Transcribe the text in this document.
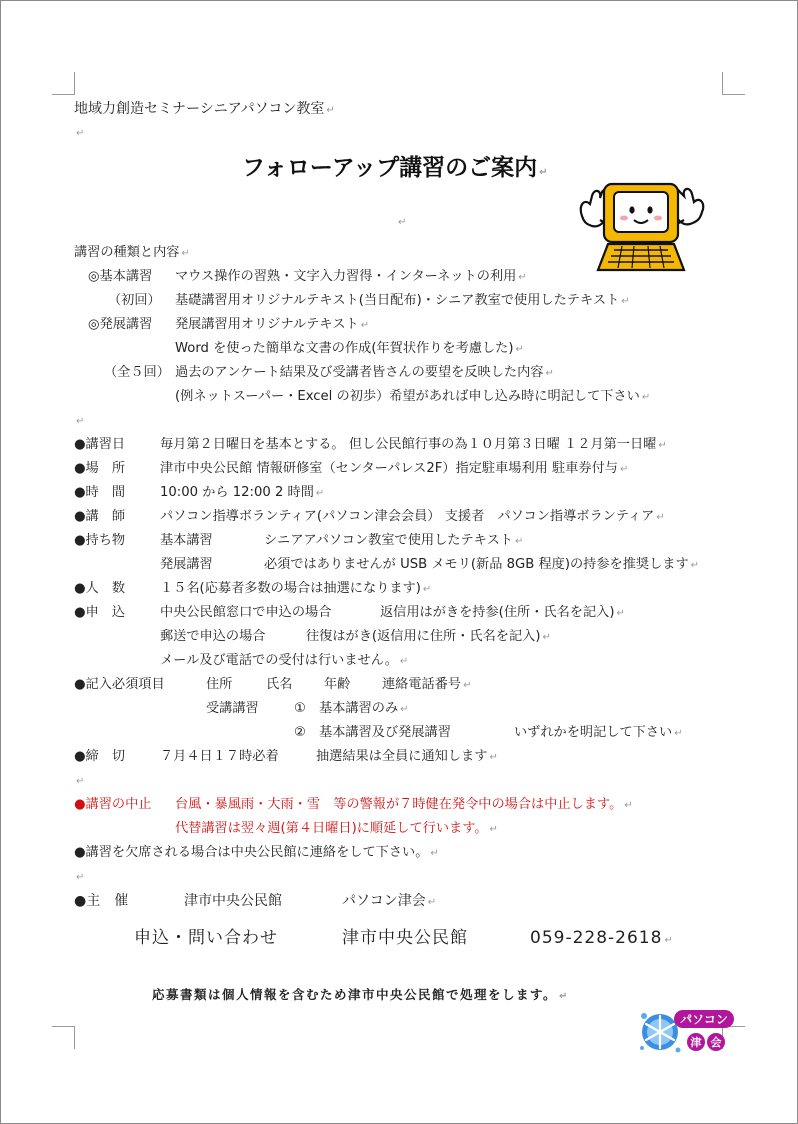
地域力創造セミナーシニアパソコン教室 ↵
↵
フォローアップ講習のご案内 ↵
↵
講習の種類と内容 ↵
◎基本講習 マウス操作の習熟・文字入力習得・インターネットの利用 ↵
（初回） 基礎講習用オリジナルテキスト(当日配布)・シニア教室で使用したテキスト ↵
◎発展講習 発展講習用オリジナルテキスト ↵
Word を使った簡単な文書の作成(年賀状作りを考慮した) ↵
（全５回） 過去のアンケート結果及び受講者皆さんの要望を反映した内容 ↵
(例ネットスーパー・Excel の初歩）希望があれば申し込み時に明記して下さい ↵
↵
●講習日	毎月第２日曜日を基本とする。 但し公民館行事の為１０月第３日曜 １２月第一日曜 ↵
●場　所	津市中央公民館 情報研修室（センターパレス2F）指定駐車場利用 駐車券付与 ↵
●時　間	10:00 から 12:00 2 時間 ↵
●講　師	パソコン指導ボランティア(パソコン津会会員） 支援者　パソコン指導ボランティア ↵
●持ち物	基本講習	シニアアパソコン教室で使用したテキスト ↵
発展講習	必須ではありませんが USB メモリ(新品 8GB 程度)の持参を推奨します ↵
●人　数	１５名(応募者多数の場合は抽選になります) ↵
●申　込	中央公民館窓口で申込の場合	返信用はがきを持参(住所・氏名を記入) ↵
郵送で申込の場合	往復はがき(返信用に住所・氏名を記入) ↵
メール及び電話での受付は行いません。 ↵
●記入必須項目	住所	氏名 年齢 連絡電話番号 ↵
受講講習	①　基本講習のみ ↵
②　基本講習及び発展講習	いずれかを明記して下さい ↵
●締　切	７月４日１７時必着	抽選結果は全員に通知します ↵
↵
●講習の中止 台風・暴風雨・大雨・雪　等の警報が７時健在発令中の場合は中止します。 ↵
代替講習は翌々週(第４日曜日)に順延して行います。 ↵
●講習を欠席される場合は中央公民館に連絡をして下さい。 ↵
↵
●主　催	津市中央公民館	パソコン津会 ↵
申込・問い合わせ	津市中央公民館	059-228-2618 ↵
応募書類は個人情報を含むため津市中央公民館で処理をします。 ↵
パソコン
津 会
